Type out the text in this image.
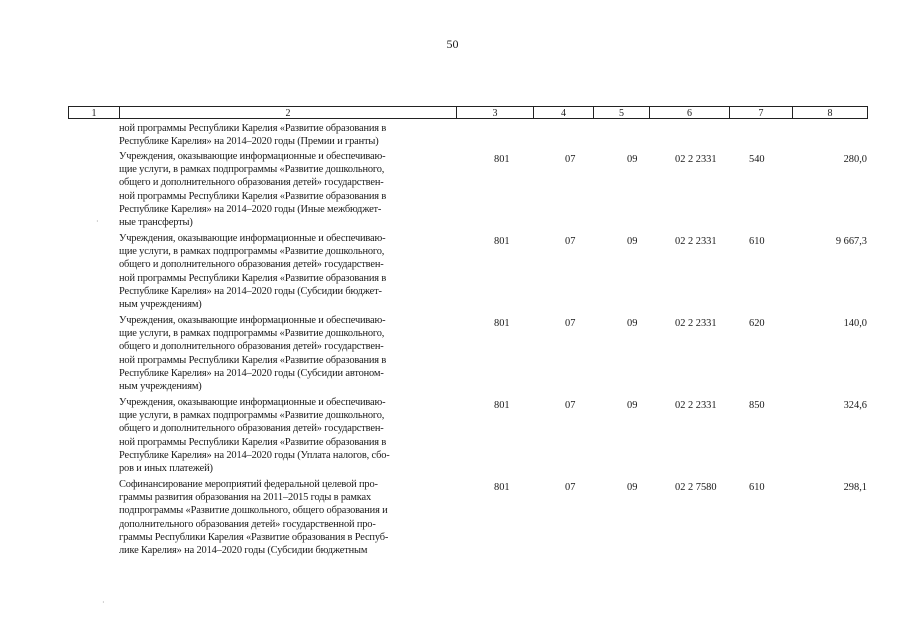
50
1	2	3	4	5	6	7	8
ной программы Республики Карелия «Развитие образования в
Республике Карелия» на 2014–2020 годы (Премии и гранты)
Учреждения, оказывающие информационные и обеспечиваю-
щие услуги, в рамках подпрограммы «Развитие дошкольного,
общего и дополнительного образования детей» государствен-
ной программы Республики Карелия «Развитие образования в
Республике Карелия» на 2014–2020 годы (Иные межбюджет-
ные трансферты)
801	07	09	02 2 2331	540	280,0
Учреждения, оказывающие информационные и обеспечиваю-
щие услуги, в рамках подпрограммы «Развитие дошкольного,
общего и дополнительного образования детей» государствен-
ной программы Республики Карелия «Развитие образования в
Республике Карелия» на 2014–2020 годы (Субсидии бюджет-
ным учреждениям)
801	07	09	02 2 2331	610	9 667,3
Учреждения, оказывающие информационные и обеспечиваю-
щие услуги, в рамках подпрограммы «Развитие дошкольного,
общего и дополнительного образования детей» государствен-
ной программы Республики Карелия «Развитие образования в
Республике Карелия» на 2014–2020 годы (Субсидии автоном-
ным учреждениям)
801	07	09	02 2 2331	620	140,0
Учреждения, оказывающие информационные и обеспечиваю-
щие услуги, в рамках подпрограммы «Развитие дошкольного,
общего и дополнительного образования детей» государствен-
ной программы Республики Карелия «Развитие образования в
Республике Карелия» на 2014–2020 годы (Уплата налогов, сбо-
ров и иных платежей)
801	07	09	02 2 2331	850	324,6
Софинансирование мероприятий федеральной целевой про-
граммы развития образования на 2011–2015 годы в рамках
подпрограммы «Развитие дошкольного, общего образования и
дополнительного образования детей» государственной про-
граммы Республики Карелия «Развитие образования в Респуб-
лике Карелия» на 2014–2020 годы (Субсидии бюджетным
801	07	09	02 2 7580	610	298,1
·
·
